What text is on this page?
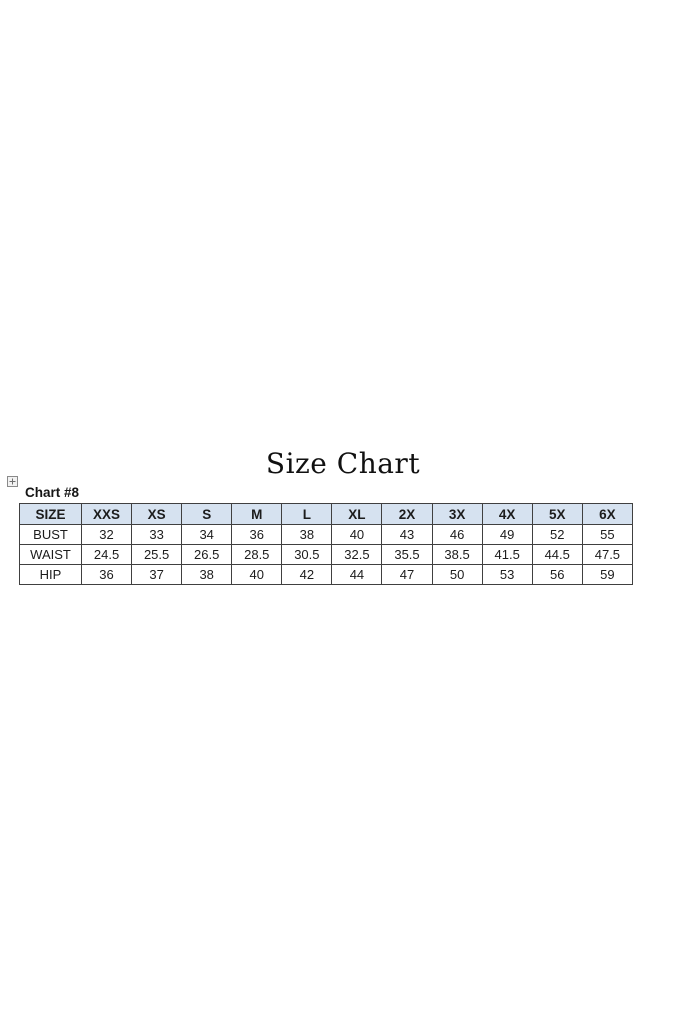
Size Chart
Chart #8
SIZE	XXS	XS	S	M	L	XL	2X	3X	4X	5X	6X
BUST	32	33	34	36	38	40	43	46	49	52	55
WAIST	24.5	25.5	26.5	28.5	30.5	32.5	35.5	38.5	41.5	44.5	47.5
HIP	36	37	38	40	42	44	47	50	53	56	59
